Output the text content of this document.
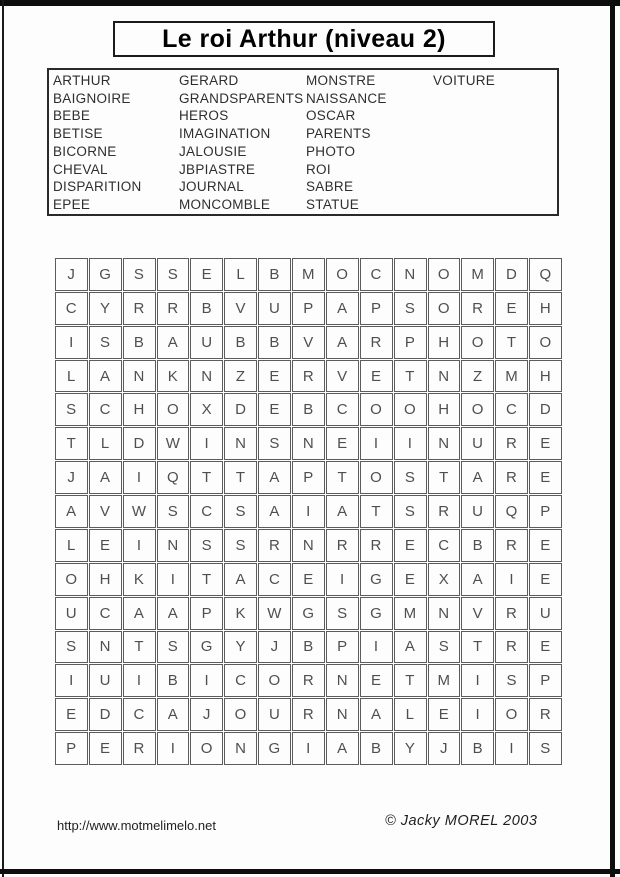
Le roi Arthur (niveau 2)
ARTHUR
BAIGNOIRE
BEBE
BETISE
BICORNE
CHEVAL
DISPARITION
EPEE
GERARD
GRANDSPARENTS
HEROS
IMAGINATION
JALOUSIE
JBPIASTRE
JOURNAL
MONCOMBLE
MONSTRE
NAISSANCE
OSCAR
PARENTS
PHOTO
ROI
SABRE
STATUE
VOITURE
J	G	S	S	E	L	B	M	O	C	N	O	M	D	Q
C	Y	R	R	B	V	U	P	A	P	S	O	R	E	H
I	S	B	A	U	B	B	V	A	R	P	H	O	T	O
L	A	N	K	N	Z	E	R	V	E	T	N	Z	M	H
S	C	H	O	X	D	E	B	C	O	O	H	O	C	D
T	L	D	W	I	N	S	N	E	I	I	N	U	R	E
J	A	I	Q	T	T	A	P	T	O	S	T	A	R	E
A	V	W	S	C	S	A	I	A	T	S	R	U	Q	P
L	E	I	N	S	S	R	N	R	R	E	C	B	R	E
O	H	K	I	T	A	C	E	I	G	E	X	A	I	E
U	C	A	A	P	K	W	G	S	G	M	N	V	R	U
S	N	T	S	G	Y	J	B	P	I	A	S	T	R	E
I	U	I	B	I	C	O	R	N	E	T	M	I	S	P
E	D	C	A	J	O	U	R	N	A	L	E	I	O	R
P	E	R	I	O	N	G	I	A	B	Y	J	B	I	S
http://www.motmelimelo.net	© Jacky MOREL 2003
